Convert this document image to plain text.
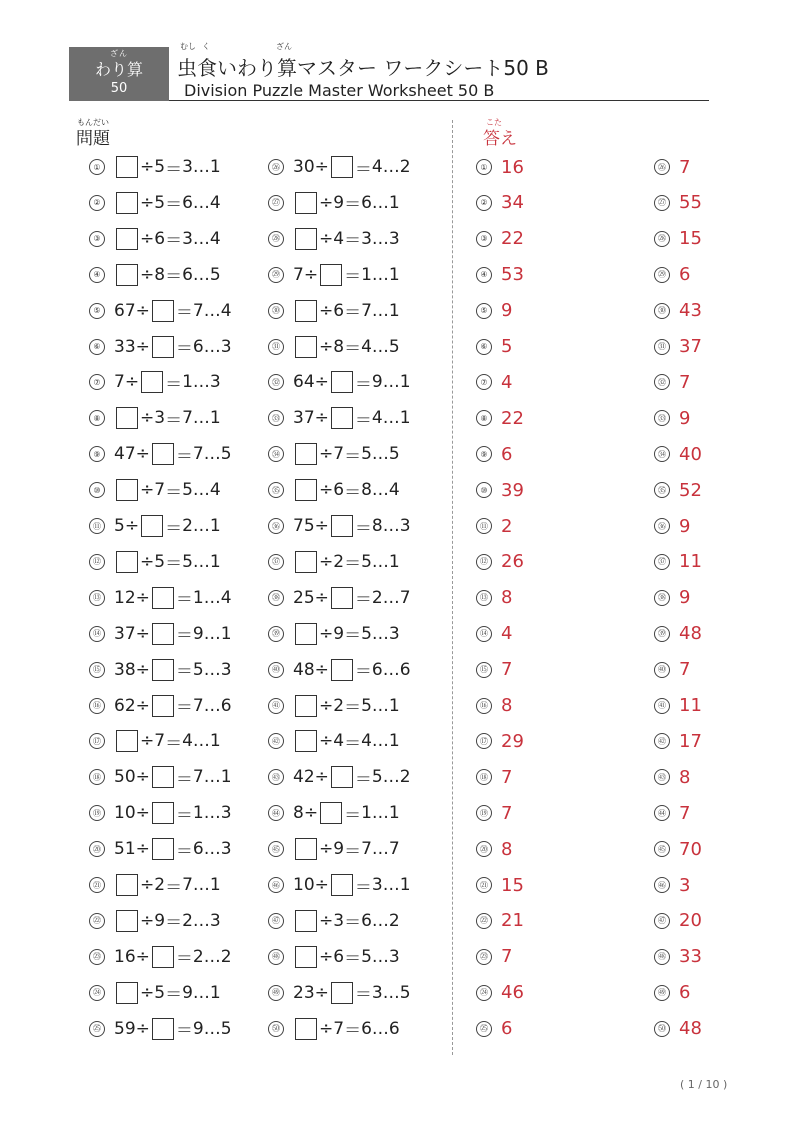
ざん
わり算
50
むし く	ざん
虫食いわり算マスター ワークシート50 B
Division Puzzle Master Worksheet 50 B
もんだい
問題
こた
答え
① ÷ 5 ＝ 3 … 1
② ÷ 5 ＝ 6 … 4
③ ÷ 6 ＝ 3 … 4
④ ÷ 8 ＝ 6 … 5
⑤ 67 ÷ ＝ 7 … 4
⑥ 33 ÷ ＝ 6 … 3
⑦ 7 ÷ ＝ 1 … 3
⑧ ÷ 3 ＝ 7 … 1
⑨ 47 ÷ ＝ 7 … 5
⑩ ÷ 7 ＝ 5 … 4
⑪ 5 ÷ ＝ 2 … 1
⑫ ÷ 5 ＝ 5 … 1
⑬ 12 ÷ ＝ 1 … 4
⑭ 37 ÷ ＝ 9 … 1
⑮ 38 ÷ ＝ 5 … 3
⑯ 62 ÷ ＝ 7 … 6
⑰ ÷ 7 ＝ 4 … 1
⑱ 50 ÷ ＝ 7 … 1
⑲ 10 ÷ ＝ 1 … 3
⑳ 51 ÷ ＝ 6 … 3
㉑ ÷ 2 ＝ 7 … 1
㉒ ÷ 9 ＝ 2 … 3
㉓ 16 ÷ ＝ 2 … 2
㉔ ÷ 5 ＝ 9 … 1
㉕ 59 ÷ ＝ 9 … 5
㉖ 30 ÷ ＝ 4 … 2
㉗ ÷ 9 ＝ 6 … 1
㉘ ÷ 4 ＝ 3 … 3
㉙ 7 ÷ ＝ 1 … 1
㉚ ÷ 6 ＝ 7 … 1
㉛ ÷ 8 ＝ 4 … 5
㉜ 64 ÷ ＝ 9 … 1
㉝ 37 ÷ ＝ 4 … 1
㉞ ÷ 7 ＝ 5 … 5
㉟ ÷ 6 ＝ 8 … 4
㊱ 75 ÷ ＝ 8 … 3
㊲ ÷ 2 ＝ 5 … 1
㊳ 25 ÷ ＝ 2 … 7
㊴ ÷ 9 ＝ 5 … 3
㊵ 48 ÷ ＝ 6 … 6
㊶ ÷ 2 ＝ 5 … 1
㊷ ÷ 4 ＝ 4 … 1
㊸ 42 ÷ ＝ 5 … 2
㊹ 8 ÷ ＝ 1 … 1
㊺ ÷ 9 ＝ 7 … 7
㊻ 10 ÷ ＝ 3 … 1
㊼ ÷ 3 ＝ 6 … 2
㊽ ÷ 6 ＝ 5 … 3
㊾ 23 ÷ ＝ 3 … 5
㊿ ÷ 7 ＝ 6 … 6
① 16
② 34
③ 22
④ 53
⑤ 9
⑥ 5
⑦ 4
⑧ 22
⑨ 6
⑩ 39
⑪ 2
⑫ 26
⑬ 8
⑭ 4
⑮ 7
⑯ 8
⑰ 29
⑱ 7
⑲ 7
⑳ 8
㉑ 15
㉒ 21
㉓ 7
㉔ 46
㉕ 6
㉖ 7
㉗ 55
㉘ 15
㉙ 6
㉚ 43
㉛ 37
㉜ 7
㉝ 9
㉞ 40
㉟ 52
㊱ 9
㊲ 11
㊳ 9
㊴ 48
㊵ 7
㊶ 11
㊷ 17
㊸ 8
㊹ 7
㊺ 70
㊻ 3
㊼ 20
㊽ 33
㊾ 6
㊿ 48
( 1 / 10 )
